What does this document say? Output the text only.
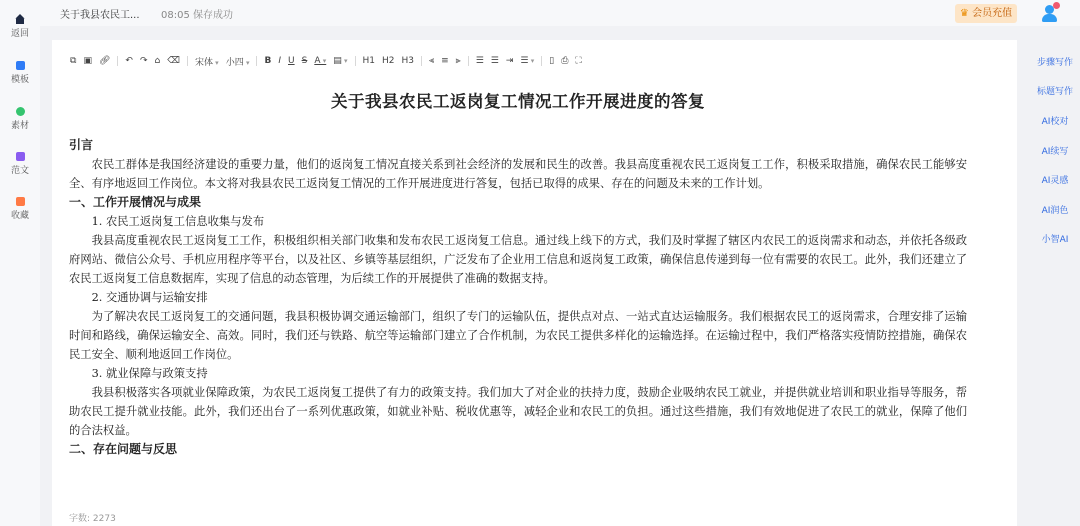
返回
模板
素材
范文
收藏
关于我县农民工... 08:05 保存成功	♛ 会员充值
⧉ ▣ 🔗︎ ↶ ↷ ⌂ ⌫ 宋体 ▾ 小四 ▾ B I U S A ▾ ▤ ▾ H1 H2 H3 ⫷ ≡ ⫸ ☰ ☰ ⇥ ☰ ▾ ▯ ⎙ ⛶
关于我县农民工返岗复工情况工作开展进度的答复
引言
农民工群体是我国经济建设的重要力量，他们的返岗复工情况直接关系到社会经济的发展和民生的改善。我县高度重视农民工返岗复工工作，积极采取措施，确保农民工能够安全、有序地返回工作岗位。本文将对我县农民工返岗复工情况的工作开展进度进行答复，包括已取得的成果、存在的问题及未来的工作计划。
一、工作开展情况与成果
1. 农民工返岗复工信息收集与发布
我县高度重视农民工返岗复工工作，积极组织相关部门收集和发布农民工返岗复工信息。通过线上线下的方式，我们及时掌握了辖区内农民工的返岗需求和动态，并依托各级政府网站、微信公众号、手机应用程序等平台，以及社区、乡镇等基层组织，广泛发布了企业用工信息和返岗复工政策，确保信息传递到每一位有需要的农民工。此外，我们还建立了农民工返岗复工信息数据库，实现了信息的动态管理，为后续工作的开展提供了准确的数据支持。
2. 交通协调与运输安排
为了解决农民工返岗复工的交通问题，我县积极协调交通运输部门，组织了专门的运输队伍，提供点对点、一站式直达运输服务。我们根据农民工的返岗需求，合理安排了运输时间和路线，确保运输安全、高效。同时，我们还与铁路、航空等运输部门建立了合作机制，为农民工提供多样化的运输选择。在运输过程中，我们严格落实疫情防控措施，确保农民工安全、顺利地返回工作岗位。
3. 就业保障与政策支持
我县积极落实各项就业保障政策，为农民工返岗复工提供了有力的政策支持。我们加大了对企业的扶持力度，鼓励企业吸纳农民工就业，并提供就业培训和职业指导等服务，帮助农民工提升就业技能。此外，我们还出台了一系列优惠政策，如就业补贴、税收优惠等，减轻企业和农民工的负担。通过这些措施，我们有效地促进了农民工的就业，保障了他们的合法权益。
二、存在问题与反思
字数: 2273
步骤写作
标题写作
AI校对
AI续写
AI灵感
AI润色
小智AI
